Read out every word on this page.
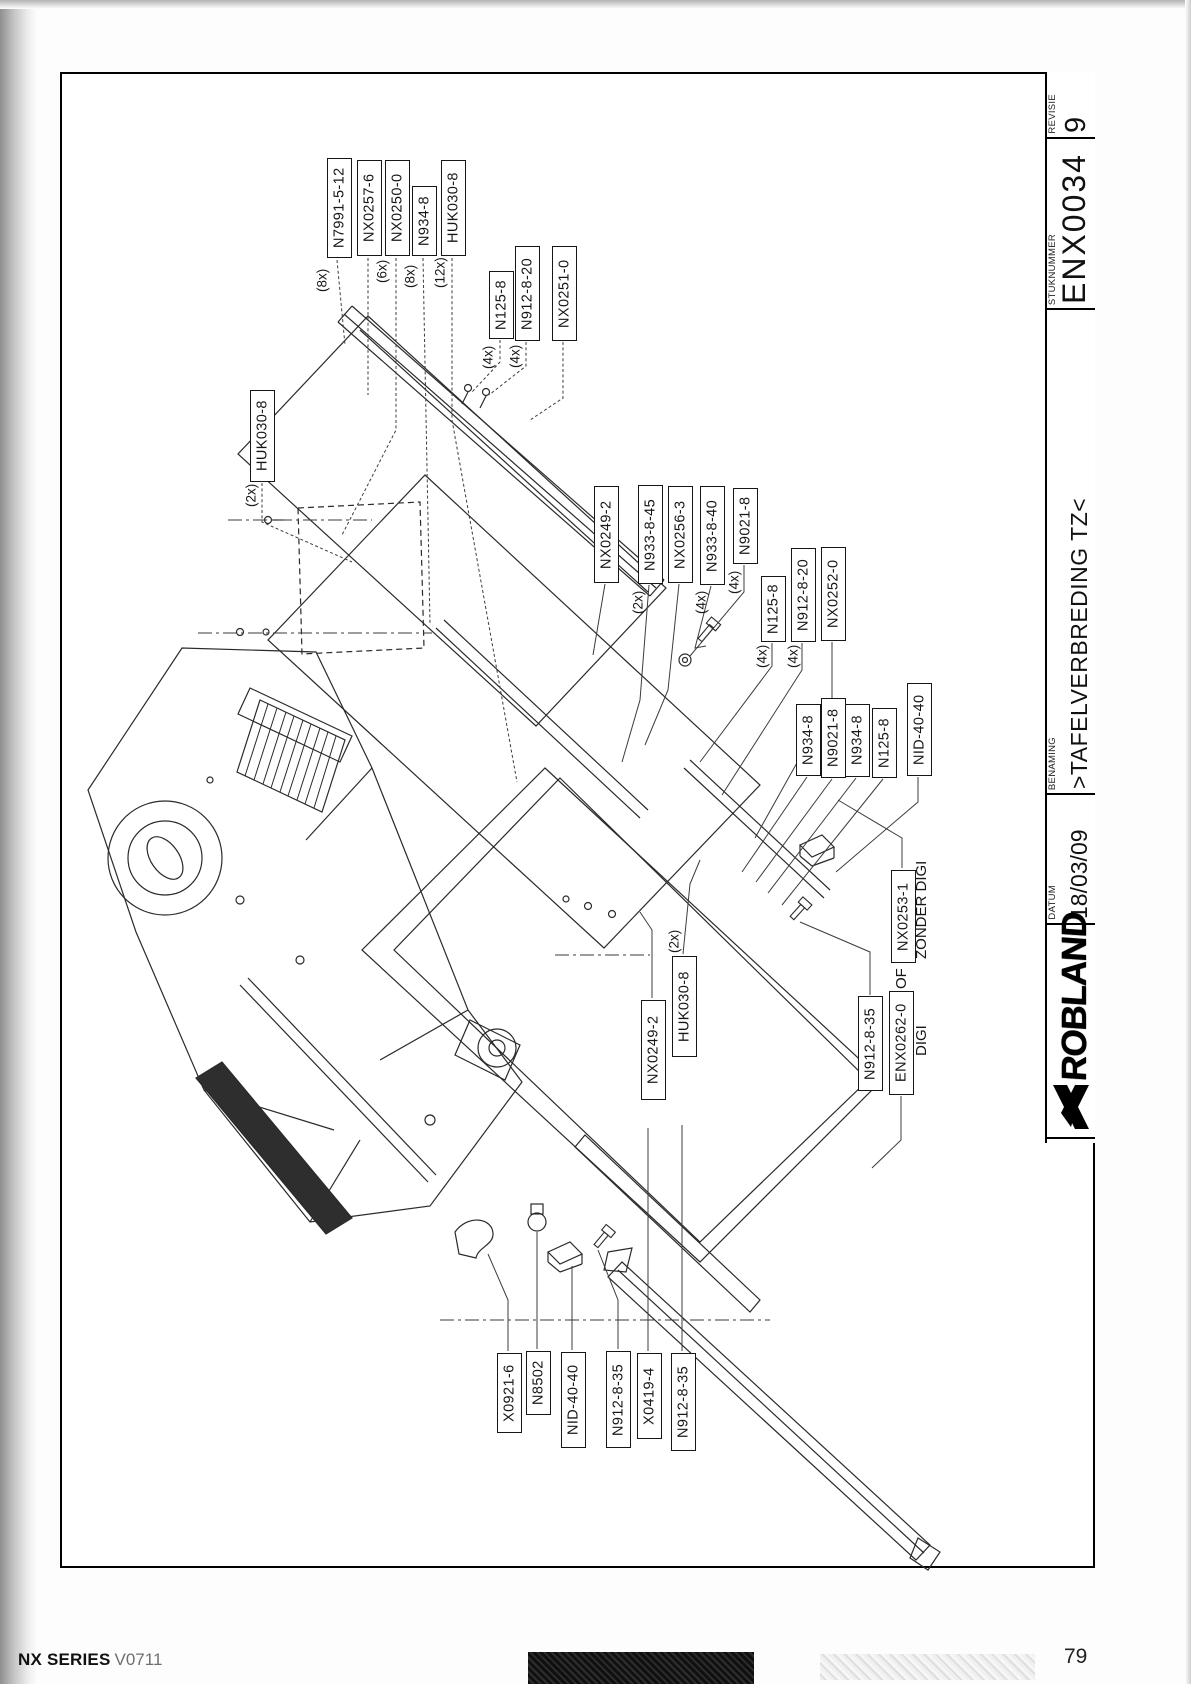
N7991-5-12
(8x)
NX0257-6 NX0250-0
(6x)
N934-8
(8x)
HUK030-8
(12x)
N125-8
(4x)
N912-8-20
(4x)
NX0251-0
HUK030-8
(2x)
NX0249-2	N933-8-45
(2x)
NX0256-3	N933-8-40
(4x)
N9021-8
(4x)
N125-8
(4x)
N912-8-20
(4x)
NX0252-0
N934-8 N9021-8 N934-8 N125-8	NID-40-40
NX0253-1 ZONDER DIGI
OF
N912-8-35	ENX0262-0 DIGI
NX0249-2
HUK030-8
(2x)
X0921-6 N8502	NID-40-40	N912-8-35	X0419-4	N912-8-35
REVISIE 9
STUKNUMMER
ENX0034
BENAMING >TAFELVERBREDING TZ<
DATUM 18/03/09
ROBLAND
NX SERIES V0711	79
